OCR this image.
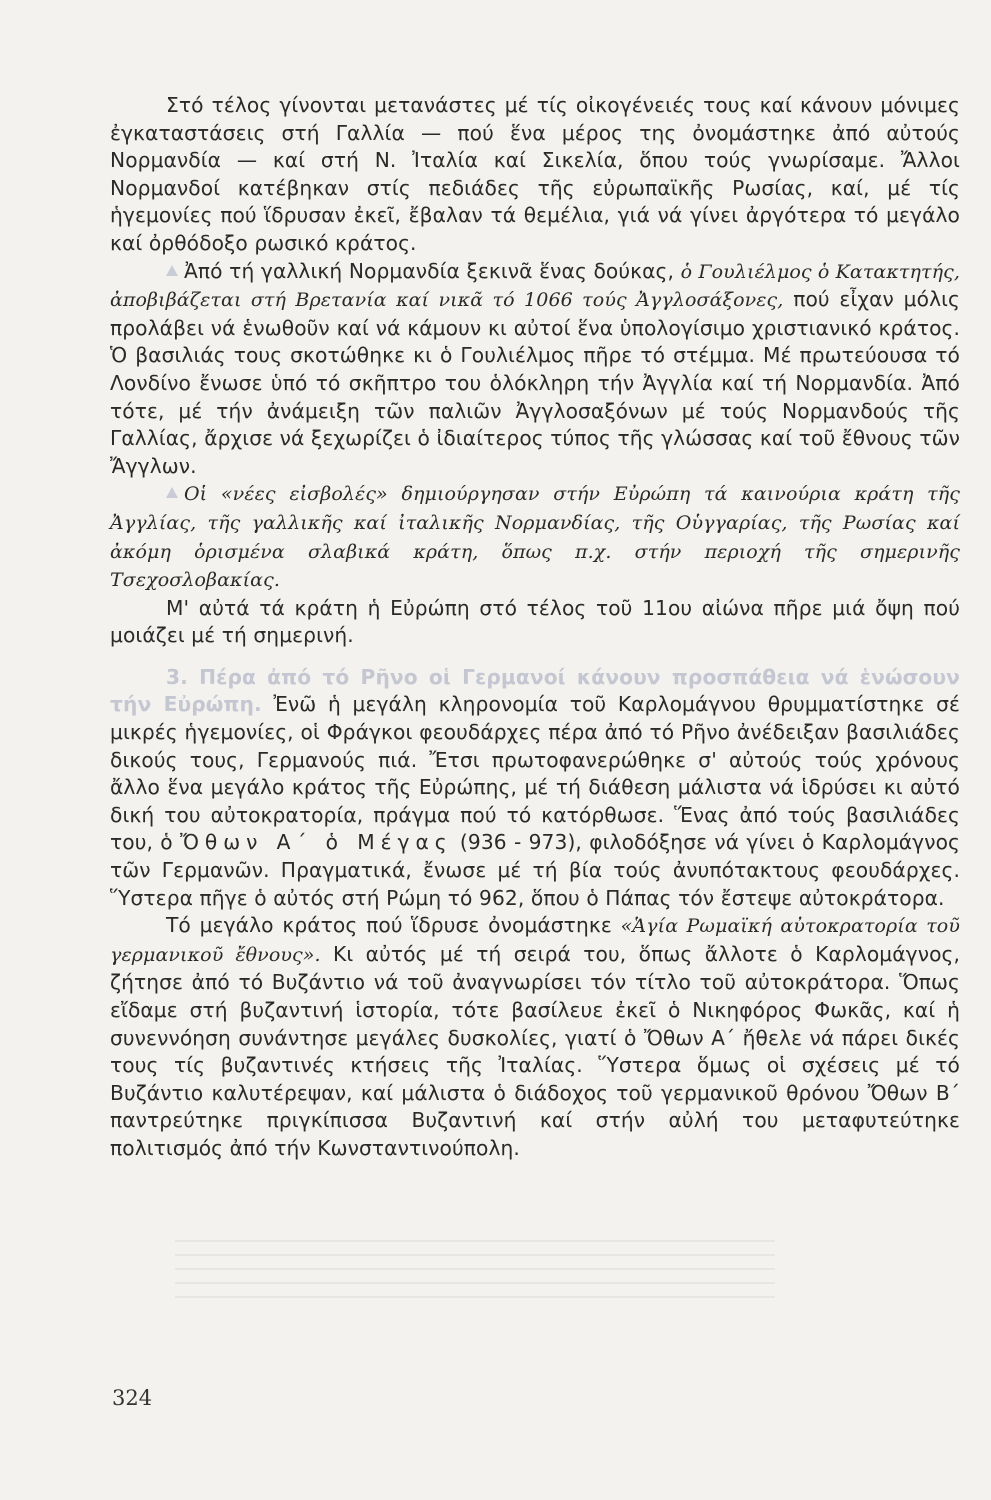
Στό τέλος γίνονται μετανάστες μέ τίς οἰκογένειές τους καί κάνουν μόνιμες ἐγκαταστάσεις στή Γαλλία — πού ἕνα μέρος της ὀνομάστηκε ἀπό αὐτούς Νορμανδία — καί στή Ν. Ἰταλία καί Σικελία, ὅπου τούς γνωρίσαμε. Ἄλλοι Νορμανδοί κατέβηκαν στίς πεδιάδες τῆς εὐρωπαϊκῆς Ρωσίας, καί, μέ τίς ἡγεμονίες πού ἵδρυσαν ἐκεῖ, ἔβαλαν τά θεμέλια, γιά νά γίνει ἀργότερα τό μεγάλο καί ὀρθόδοξο ρωσικό κράτος.

Ἀπό τή γαλλική Νορμανδία ξεκινᾶ ἕνας δούκας, ὁ Γουλιέλμος ὁ Κατακτητής, ἀποβιβάζεται στή Βρετανία καί νικᾶ τό 1066 τούς Ἀγγλοσάξονες, πού εἶχαν μόλις προλάβει νά ἑνωθοῦν καί νά κάμουν κι αὐτοί ἕνα ὑπολογίσιμο χριστιανικό κράτος. Ὁ βασιλιάς τους σκοτώθηκε κι ὁ Γουλιέλμος πῆρε τό στέμμα. Μέ πρωτεύουσα τό Λονδίνο ἔνωσε ὑπό τό σκῆπτρο του ὁλόκληρη τήν Ἀγγλία καί τή Νορμανδία. Ἀπό τότε, μέ τήν ἀνάμειξη τῶν παλιῶν Ἀγγλοσαξόνων μέ τούς Νορμανδούς τῆς Γαλλίας, ἄρχισε νά ξεχωρίζει ὁ ἰδιαίτερος τύπος τῆς γλώσσας καί τοῦ ἔθνους τῶν Ἄγγλων.

Οἱ «νέες εἰσβολές» δημιούργησαν στήν Εὐρώπη τά καινούρια κράτη τῆς Ἀγγλίας, τῆς γαλλικῆς καί ἰταλικῆς Νορμανδίας, τῆς Οὑγγαρίας, τῆς Ρωσίας καί ἀκόμη ὁρισμένα σλαβικά κράτη, ὅπως π.χ. στήν περιοχή τῆς σημερινῆς Τσεχοσλοβακίας.

Μ' αὐτά τά κράτη ἡ Εὐρώπη στό τέλος τοῦ 11ου αἰώνα πῆρε μιά ὄψη πού μοιάζει μέ τή σημερινή.

3. Πέρα ἀπό τό Ρῆνο οἱ Γερμανοί κάνουν προσπάθεια νά ἑνώσουν τήν Εὐρώπη. Ἐνῶ ἡ μεγάλη κληρονομία τοῦ Καρλομάγνου θρυμματίστηκε σέ μικρές ἡγεμονίες, οἱ Φράγκοι φεουδάρχες πέρα ἀπό τό Ρῆνο ἀνέδειξαν βασιλιάδες δικούς τους, Γερμανούς πιά. Ἔτσι πρωτοφανερώθηκε σ' αὐτούς τούς χρόνους ἄλλο ἕνα μεγάλο κράτος τῆς Εὐρώπης, μέ τή διάθεση μάλιστα νά ἱδρύσει κι αὐτό δική του αὐτοκρατορία, πράγμα πού τό κατόρθωσε. Ἕνας ἀπό τούς βασιλιάδες του, ὁ Ὄθων Α΄ ὁ Μέγας (936 - 973), φιλοδόξησε νά γίνει ὁ Καρλομάγνος τῶν Γερμανῶν. Πραγματικά, ἔνωσε μέ τή βία τούς ἀνυπότακτους φεουδάρχες. Ὕστερα πῆγε ὁ αὐτός στή Ρώμη τό 962, ὅπου ὁ Πάπας τόν ἔστεψε αὐτοκράτορα.

Τό μεγάλο κράτος πού ἵδρυσε ὀνομάστηκε «Ἁγία Ρωμαϊκή αὐτοκρατορία τοῦ γερμανικοῦ ἔθνους». Κι αὐτός μέ τή σειρά του, ὅπως ἄλλοτε ὁ Καρλομάγνος, ζήτησε ἀπό τό Βυζάντιο νά τοῦ ἀναγνωρίσει τόν τίτλο τοῦ αὐτοκράτορα. Ὅπως εἴδαμε στή βυζαντινή ἱστορία, τότε βασίλευε ἐκεῖ ὁ Νικηφόρος Φωκᾶς, καί ἡ συνεννόηση συνάντησε μεγάλες δυσκολίες, γιατί ὁ Ὄθων Α΄ ἤθελε νά πάρει δικές τους τίς βυζαντινές κτήσεις τῆς Ἰταλίας. Ὕστερα ὅμως οἱ σχέσεις μέ τό Βυζάντιο καλυτέρεψαν, καί μάλιστα ὁ διάδοχος τοῦ γερμανικοῦ θρόνου Ὄθων Β΄ παντρεύτηκε πριγκίπισσα Βυζαντινή καί στήν αὐλή του μεταφυτεύτηκε πολιτισμός ἀπό τήν Κωνσταντινούπολη.

324
